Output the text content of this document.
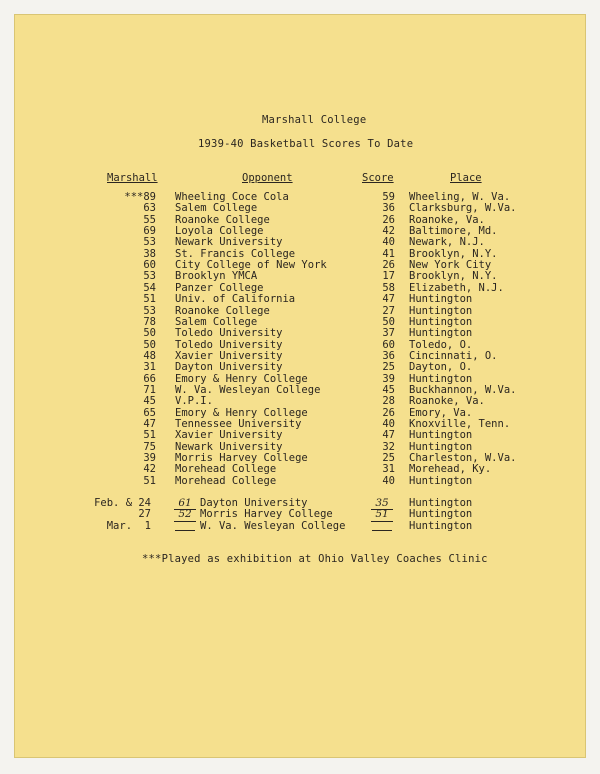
Marshall College
1939-40 Basketball Scores To Date
Marshall	Opponent	Score	Place
***89 Wheeling Coce Cola	59 Wheeling, W. Va.
63 Salem College	36 Clarksburg, W.Va.
55 Roanoke College	26 Roanoke, Va.
69 Loyola College	42 Baltimore, Md.
53 Newark University	40 Newark, N.J.
38 St. Francis College	41 Brooklyn, N.Y.
60 City College of New York	26 New York City
53 Brooklyn YMCA	17 Brooklyn, N.Y.
54 Panzer College	58 Elizabeth, N.J.
51 Univ. of California	47 Huntington
53 Roanoke College	27 Huntington
78 Salem College	50 Huntington
50 Toledo University	37 Huntington
50 Toledo University	60 Toledo, O.
48 Xavier University	36 Cincinnati, O.
31 Dayton University	25 Dayton, O.
66 Emory & Henry College	39 Huntington
71 W. Va. Wesleyan College	45 Buckhannon, W.Va.
45 V.P.I.	28 Roanoke, Va.
65 Emory & Henry College	26 Emory, Va.
47 Tennessee University	40 Knoxville, Tenn.
51 Xavier University	47 Huntington
75 Newark University	32 Huntington
39 Morris Harvey College	25 Charleston, W.Va.
42 Morehead College	31 Morehead, Ky.
51 Morehead College	40 Huntington
Feb. & 24	61 Dayton University	35	Huntington
27	52 Morris Harvey College	51	Huntington
Mar.  1	W. Va. Wesleyan College	Huntington
***Played as exhibition at Ohio Valley Coaches Clinic
